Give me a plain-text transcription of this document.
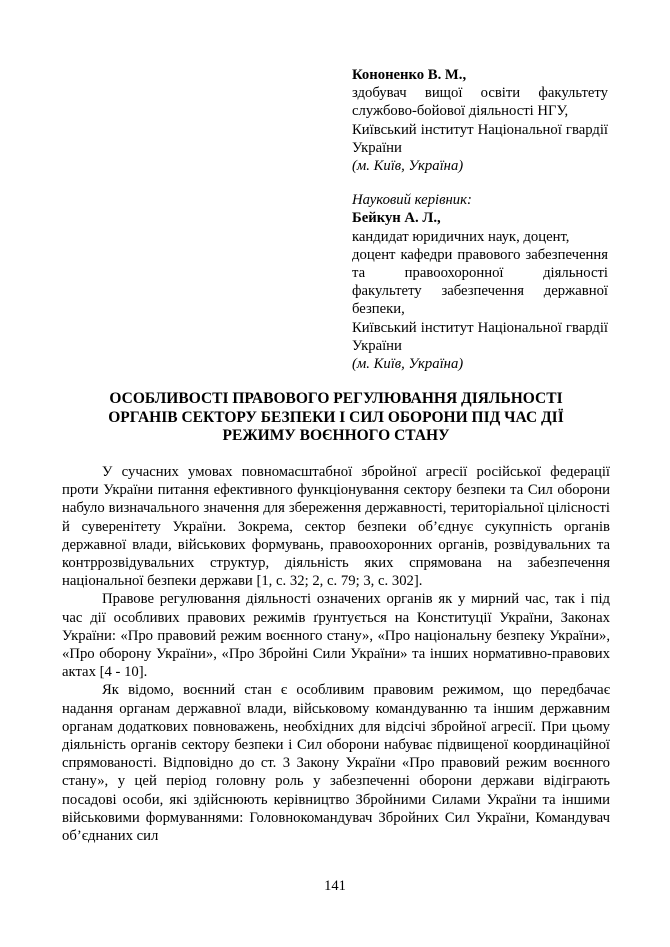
Кононенко В. М.,
здобувач вищої освіти факультету службово-бойової діяльності НГУ,
Київський інститут Національної гвардії України
(м. Київ, Україна)
Науковий керівник:
Бейкун А. Л.,
кандидат юридичних наук, доцент,
доцент кафедри правового забезпечення та правоохоронної діяльності факультету забезпечення державної безпеки,
Київський інститут Національної гвардії України
(м. Київ, Україна)
ОСОБЛИВОСТІ ПРАВОВОГО РЕГУЛЮВАННЯ ДІЯЛЬНОСТІ
ОРГАНІВ СЕКТОРУ БЕЗПЕКИ І СИЛ ОБОРОНИ ПІД ЧАС ДІЇ
РЕЖИМУ ВОЄННОГО СТАНУ

У сучасних умовах повномасштабної збройної агресії російської федерації проти України питання ефективного функціонування сектору безпеки та Сил оборони набуло визначального значення для збереження державності, територіальної цілісності й суверенітету України. Зокрема, сектор безпеки об’єднує сукупність органів державної влади, військових формувань, правоохоронних органів, розвідувальних та контррозвідувальних структур, діяльність яких спрямована на забезпечення національної безпеки держави [1, с. 32; 2, с. 79; 3, с. 302].

Правове регулювання діяльності означених органів як у мирний час, так і під час дії особливих правових режимів ґрунтується на Конституції України, Законах України: «Про правовий режим воєнного стану», «Про національну безпеку України», «Про оборону України», «Про Збройні Сили України» та інших нормативно-правових актах [4 - 10].

Як відомо, воєнний стан є особливим правовим режимом, що передбачає надання органам державної влади, військовому командуванню та іншим державним органам додаткових повноважень, необхідних для відсічі збройної агресії. При цьому діяльність органів сектору безпеки і Сил оборони набуває підвищеної координаційної спрямованості. Відповідно до ст. 3 Закону України «Про правовий режим воєнного стану», у цей період головну роль у забезпеченні оборони держави відіграють посадові особи, які здійснюють керівництво Збройними Силами України та іншими військовими формуваннями: Головнокомандувач Збройних Сил України, Командувач об’єднаних сил

141
